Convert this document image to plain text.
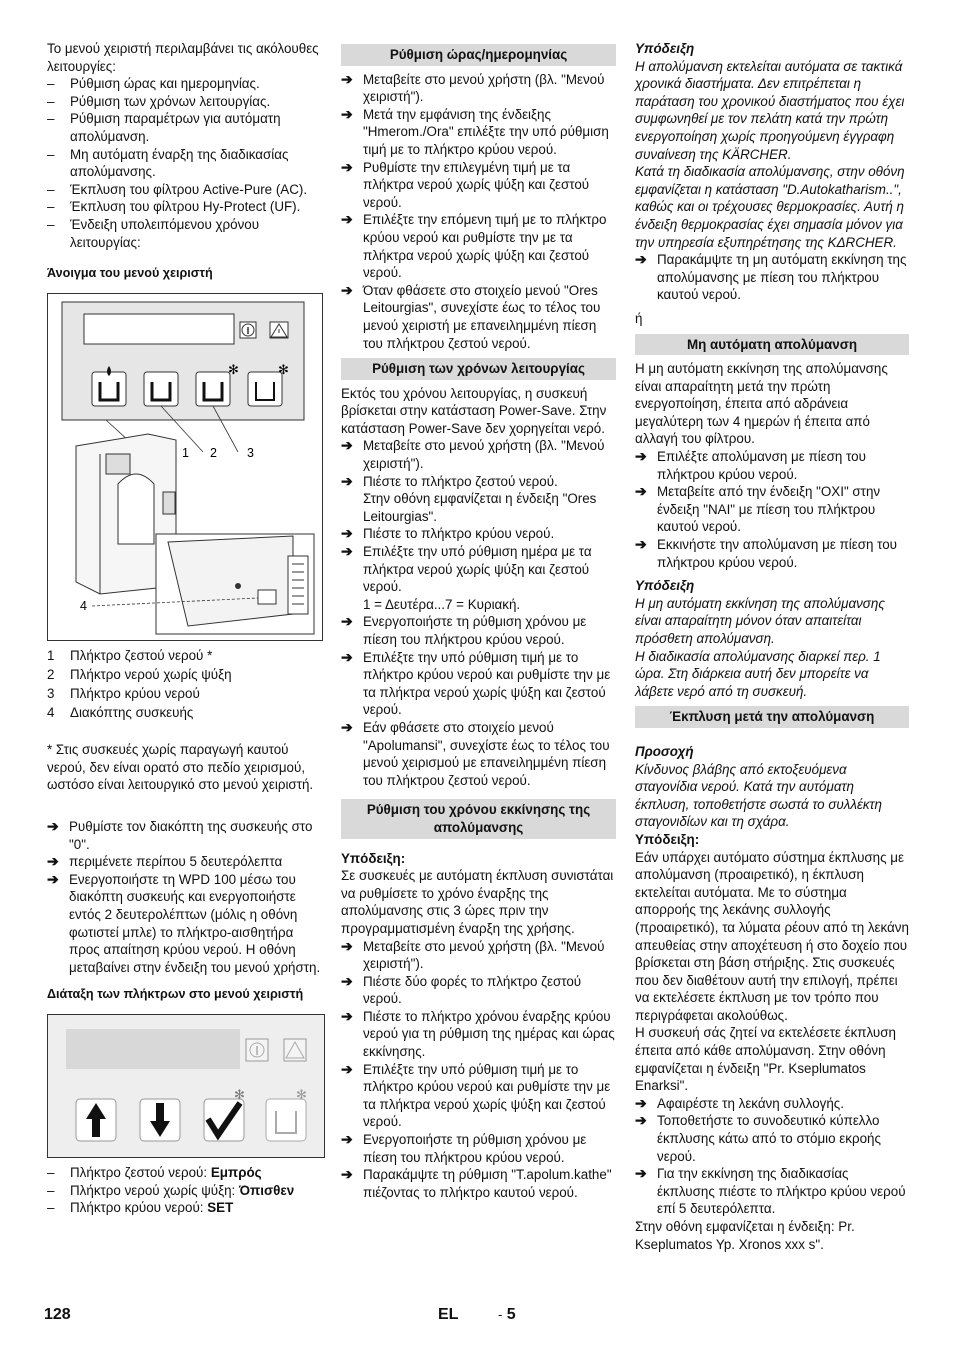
Το μενού χειριστή περιλαμβάνει τις ακόλουθες λειτουργίες:

– Ρύθμιση ώρας και ημερομηνίας.

– Ρύθμιση των χρόνων λειτουργίας.

– Ρύθμιση παραμέτρων για αυτόματη απολύμανση.

– Μη αυτόματη έναρξη της διαδικασίας απολύμανσης.

– Έκπλυση του φίλτρου Active-Pure (AC).

– Έκπλυση του φίλτρου Hy-Protect (UF).

– Ένδειξη υπολειπόμενου χρόνου λειτουργίας:

Άνοιγμα του μενού χειριστή

✻	✻
1 2 3
4

1 Πλήκτρο ζεστού νερού *

2 Πλήκτρο νερού χωρίς ψύξη

3 Πλήκτρο κρύου νερού

4 Διακόπτης συσκευής

* Στις συσκευές χωρίς παραγωγή καυτού νερού, δεν είναι ορατό στο πεδίο χειρισμού, ωστόσο είναι λειτουργικό στο μενού χειριστή.

➔ Ρυθμίστε τον διακόπτη της συσκευής στο "0".

➔ περιμένετε περίπου 5 δευτερόλεπτα

➔ Ενεργοποιήστε τη WPD 100 μέσω του διακόπτη συσκευής και ενεργοποιήστε εντός 2 δευτερολέπτων (μόλις η οθόνη φωτιστεί μπλε) το πλήκτρο-αισθητήρα προς απαίτηση κρύου νερού. Η οθόνη μεταβαίνει στην ένδειξη του μενού χρήστη.

Διάταξη των πλήκτρων στο μενού χειριστή

✻	✻

– Πλήκτρο ζεστού νερού: Εμπρός

– Πλήκτρο νερού χωρίς ψύξη: Όπισθεν

– Πλήκτρο κρύου νερού: SET

Ρύθμιση ώρας/ημερομηνίας

➔ Μεταβείτε στο μενού χρήστη (βλ. "Μενού χειριστή").

➔ Μετά την εμφάνιση της ένδειξης "Hmerom./Ora" επιλέξτε την υπό ρύθμιση τιμή με το πλήκτρο κρύου νερού.

➔ Ρυθμίστε την επιλεγμένη τιμή με τα πλήκτρα νερού χωρίς ψύξη και ζεστού νερού.

➔ Επιλέξτε την επόμενη τιμή με το πλήκτρο κρύου νερού και ρυθμίστε την με τα πλήκτρα νερού χωρίς ψύξη και ζεστού νερού.

➔ Όταν φθάσετε στο στοιχείο μενού "Ores Leitourgias", συνεχίστε έως το τέλος του μενού χειριστή με επανειλημμένη πίεση του πλήκτρου ζεστού νερού.

Ρύθμιση των χρόνων λειτουργίας

Εκτός του χρόνου λειτουργίας, η συσκευή βρίσκεται στην κατάσταση Power-Save. Στην κατάσταση Power-Save δεν χορηγείται νερό.

➔ Μεταβείτε στο μενού χρήστη (βλ. "Μενού χειριστή").

➔ Πιέστε το πλήκτρο ζεστού νερού.

Στην οθόνη εμφανίζεται η ένδειξη "Ores Leitourgias".

➔ Πιέστε το πλήκτρο κρύου νερού.

➔ Επιλέξτε την υπό ρύθμιση ημέρα με τα πλήκτρα νερού χωρίς ψύξη και ζεστού νερού.

1 = Δευτέρα...7 = Κυριακή.

➔ Ενεργοποιήστε τη ρύθμιση χρόνου με πίεση του πλήκτρου κρύου νερού.

➔ Επιλέξτε την υπό ρύθμιση τιμή με το πλήκτρο κρύου νερού και ρυθμίστε την με τα πλήκτρα νερού χωρίς ψύξη και ζεστού νερού.

➔ Εάν φθάσετε στο στοιχείο μενού "Apolumansi", συνεχίστε έως το τέλος του μενού χειρισμού με επανειλημμένη πίεση του πλήκτρου ζεστού νερού.

Ρύθμιση του χρόνου εκκίνησης της απολύμανσης

Υπόδειξη:

Σε συσκευές με αυτόματη έκπλυση συνιστάται να ρυθμίσετε το χρόνο έναρξης της απολύμανσης στις 3 ώρες πριν την προγραμματισμένη έναρξη της χρήσης.

➔ Μεταβείτε στο μενού χρήστη (βλ. "Μενού χειριστή").

➔ Πιέστε δύο φορές το πλήκτρο ζεστού νερού.

➔ Πιέστε το πλήκτρο χρόνου έναρξης κρύου νερού για τη ρύθμιση της ημέρας και ώρας εκκίνησης.

➔ Επιλέξτε την υπό ρύθμιση τιμή με το πλήκτρο κρύου νερού και ρυθμίστε την με τα πλήκτρα νερού χωρίς ψύξη και ζεστού νερού.

➔ Ενεργοποιήστε τη ρύθμιση χρόνου με πίεση του πλήκτρου κρύου νερού.

➔ Παρακάμψτε τη ρύθμιση "T.apolum.kathe" πιέζοντας το πλήκτρο καυτού νερού.

Υπόδειξη

Η απολύμανση εκτελείται αυτόματα σε τακτικά χρονικά διαστήματα. Δεν επιτρέπεται η παράταση του χρονικού διαστήματος που έχει συμφωνηθεί με τον πελάτη κατά την πρώτη ενεργοποίηση χωρίς προηγούμενη έγγραφη συναίνεση της KÄRCHER.

Κατά τη διαδικασία απολύμανσης, στην οθόνη εμφανίζεται η κατάσταση "D.Autokatharism..", καθώς και οι τρέχουσες θερμοκρασίες. Αυτή η ένδειξη θερμοκρασίας έχει σημασία μόνον για την υπηρεσία εξυπηρέτησης της KΔRCHER.

➔ Παρακάμψτε τη μη αυτόματη εκκίνηση της απολύμανσης με πίεση του πλήκτρου καυτού νερού.

ή

Μη αυτόματη απολύμανση

Η μη αυτόματη εκκίνηση της απολύμανσης είναι απαραίτητη μετά την πρώτη ενεργοποίηση, έπειτα από αδράνεια μεγαλύτερη των 4 ημερών ή έπειτα από αλλαγή του φίλτρου.

➔ Επιλέξτε απολύμανση με πίεση του πλήκτρου κρύου νερού.

➔ Μεταβείτε από την ένδειξη "OXI" στην ένδειξη "NAI" με πίεση του πλήκτρου καυτού νερού.

➔ Εκκινήστε την απολύμανση με πίεση του πλήκτρου κρύου νερού.

Υπόδειξη

Η μη αυτόματη εκκίνηση της απολύμανσης είναι απαραίτητη μόνον όταν απαιτείται πρόσθετη απολύμανση.

Η διαδικασία απολύμανσης διαρκεί περ. 1 ώρα. Στη διάρκεια αυτή δεν μπορείτε να λάβετε νερό από τη συσκευή.

Έκπλυση μετά την απολύμανση

Προσοχή

Κίνδυνος βλάβης από εκτοξευόμενα σταγονίδια νερού. Κατά την αυτόματη έκπλυση, τοποθετήστε σωστά το συλλέκτη σταγονιδίων και τη σχάρα.

Υπόδειξη:

Εάν υπάρχει αυτόματο σύστημα έκπλυσης με απολύμανση (προαιρετικό), η έκπλυση εκτελείται αυτόματα. Με το σύστημα απορροής της λεκάνης συλλογής (προαιρετικό), τα λύματα ρέουν από τη λεκάνη απευθείας στην αποχέτευση ή στο δοχείο που βρίσκεται στη βάση στήριξης. Στις συσκευές που δεν διαθέτουν αυτή την επιλογή, πρέπει να εκτελέσετε έκπλυση με τον τρόπο που περιγράφεται ακολούθως.

Η συσκευή σάς ζητεί να εκτελέσετε έκπλυση έπειτα από κάθε απολύμανση. Στην οθόνη εμφανίζεται η ένδειξη "Pr. Kseplumatos Enarksi".

➔ Αφαιρέστε τη λεκάνη συλλογής.

➔ Τοποθετήστε το συνοδευτικό κύπελλο έκπλυσης κάτω από το στόμιο εκροής νερού.

➔ Για την εκκίνηση της διαδικασίας έκπλυσης πιέστε το πλήκτρο κρύου νερού επί 5 δευτερόλεπτα.

Στην οθόνη εμφανίζεται η ένδειξη: Pr. Kseplumatos Yp. Xronos xxx s".

128	EL	- 5
